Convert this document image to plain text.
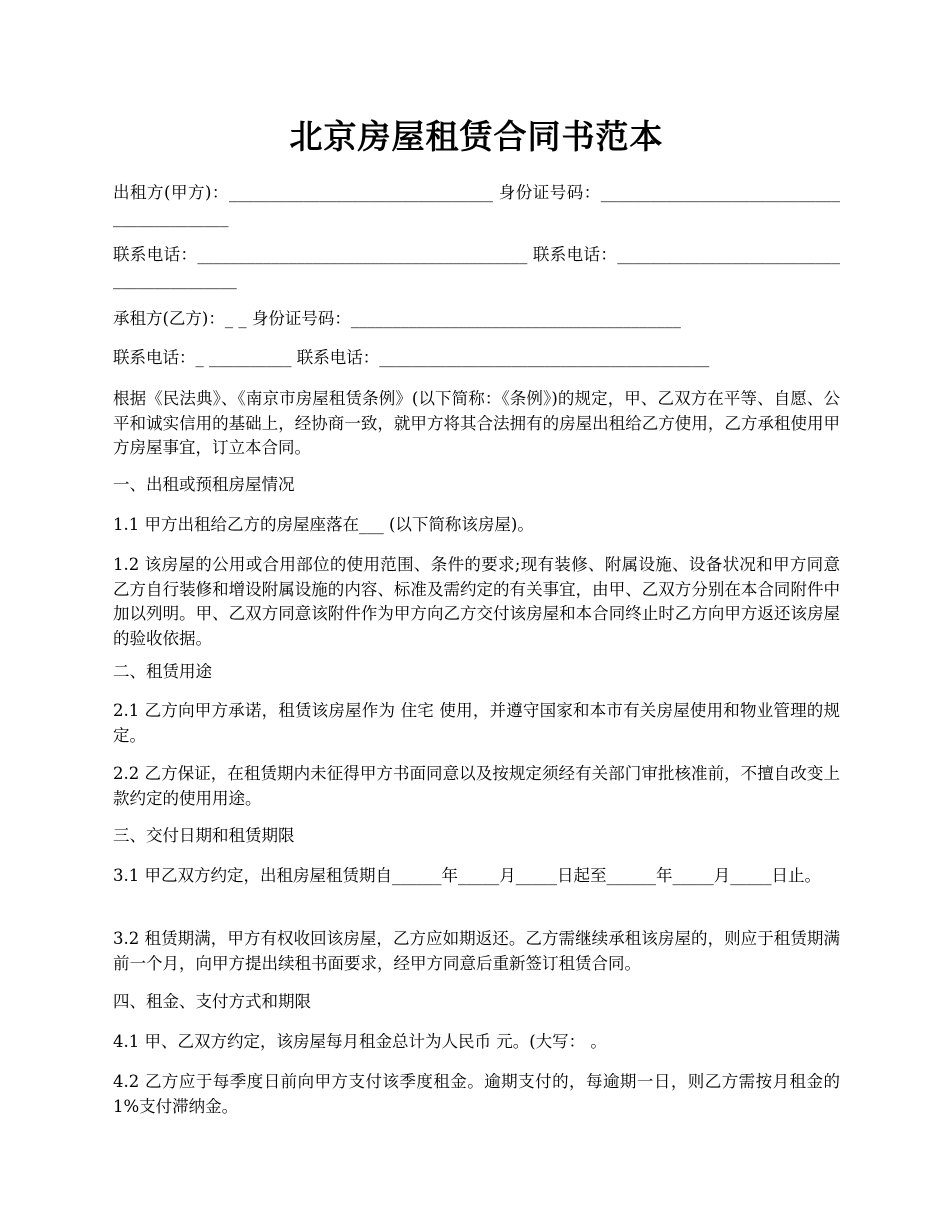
北京房屋租赁合同书范本
出租方(甲方)：________________________________ 身份证号码：___________________________________________
联系电话：________________________________________ 联系电话：__________________________________________
承租方(乙方)：_ _ 身份证号码：________________________________________
联系电话：_ __________ 联系电话：________________________________________
根据《民法典》、《南京市房屋租赁条例》(以下简称：《条例》)的规定，甲、乙双方在平等、自愿、公平和诚实信用的基础上，经协商一致，就甲方将其合法拥有的房屋出租给乙方使用，乙方承租使用甲方房屋事宜，订立本合同。
一、出租或预租房屋情况
1.1 甲方出租给乙方的房屋座落在___ (以下简称该房屋)。
1.2 该房屋的公用或合用部位的使用范围、条件的要求;现有装修、附属设施、设备状况和甲方同意乙方自行装修和增设附属设施的内容、标准及需约定的有关事宜，由甲、乙双方分别在本合同附件中加以列明。甲、乙双方同意该附件作为甲方向乙方交付该房屋和本合同终止时乙方向甲方返还该房屋的验收依据。
二、租赁用途
2.1 乙方向甲方承诺，租赁该房屋作为 住宅 使用，并遵守国家和本市有关房屋使用和物业管理的规定。
2.2 乙方保证，在租赁期内未征得甲方书面同意以及按规定须经有关部门审批核准前，不擅自改变上款约定的使用用途。
三、交付日期和租赁期限
3.1 甲乙双方约定，出租房屋租赁期自______年_____月_____日起至______年_____月_____日止。
3.2 租赁期满，甲方有权收回该房屋，乙方应如期返还。乙方需继续承租该房屋的，则应于租赁期满前一个月，向甲方提出续租书面要求，经甲方同意后重新签订租赁合同。
四、租金、支付方式和期限
4.1 甲、乙双方约定，该房屋每月租金总计为人民币 元。(大写： 。
4.2 乙方应于每季度日前向甲方支付该季度租金。逾期支付的，每逾期一日，则乙方需按月租金的 1%支付滞纳金。
